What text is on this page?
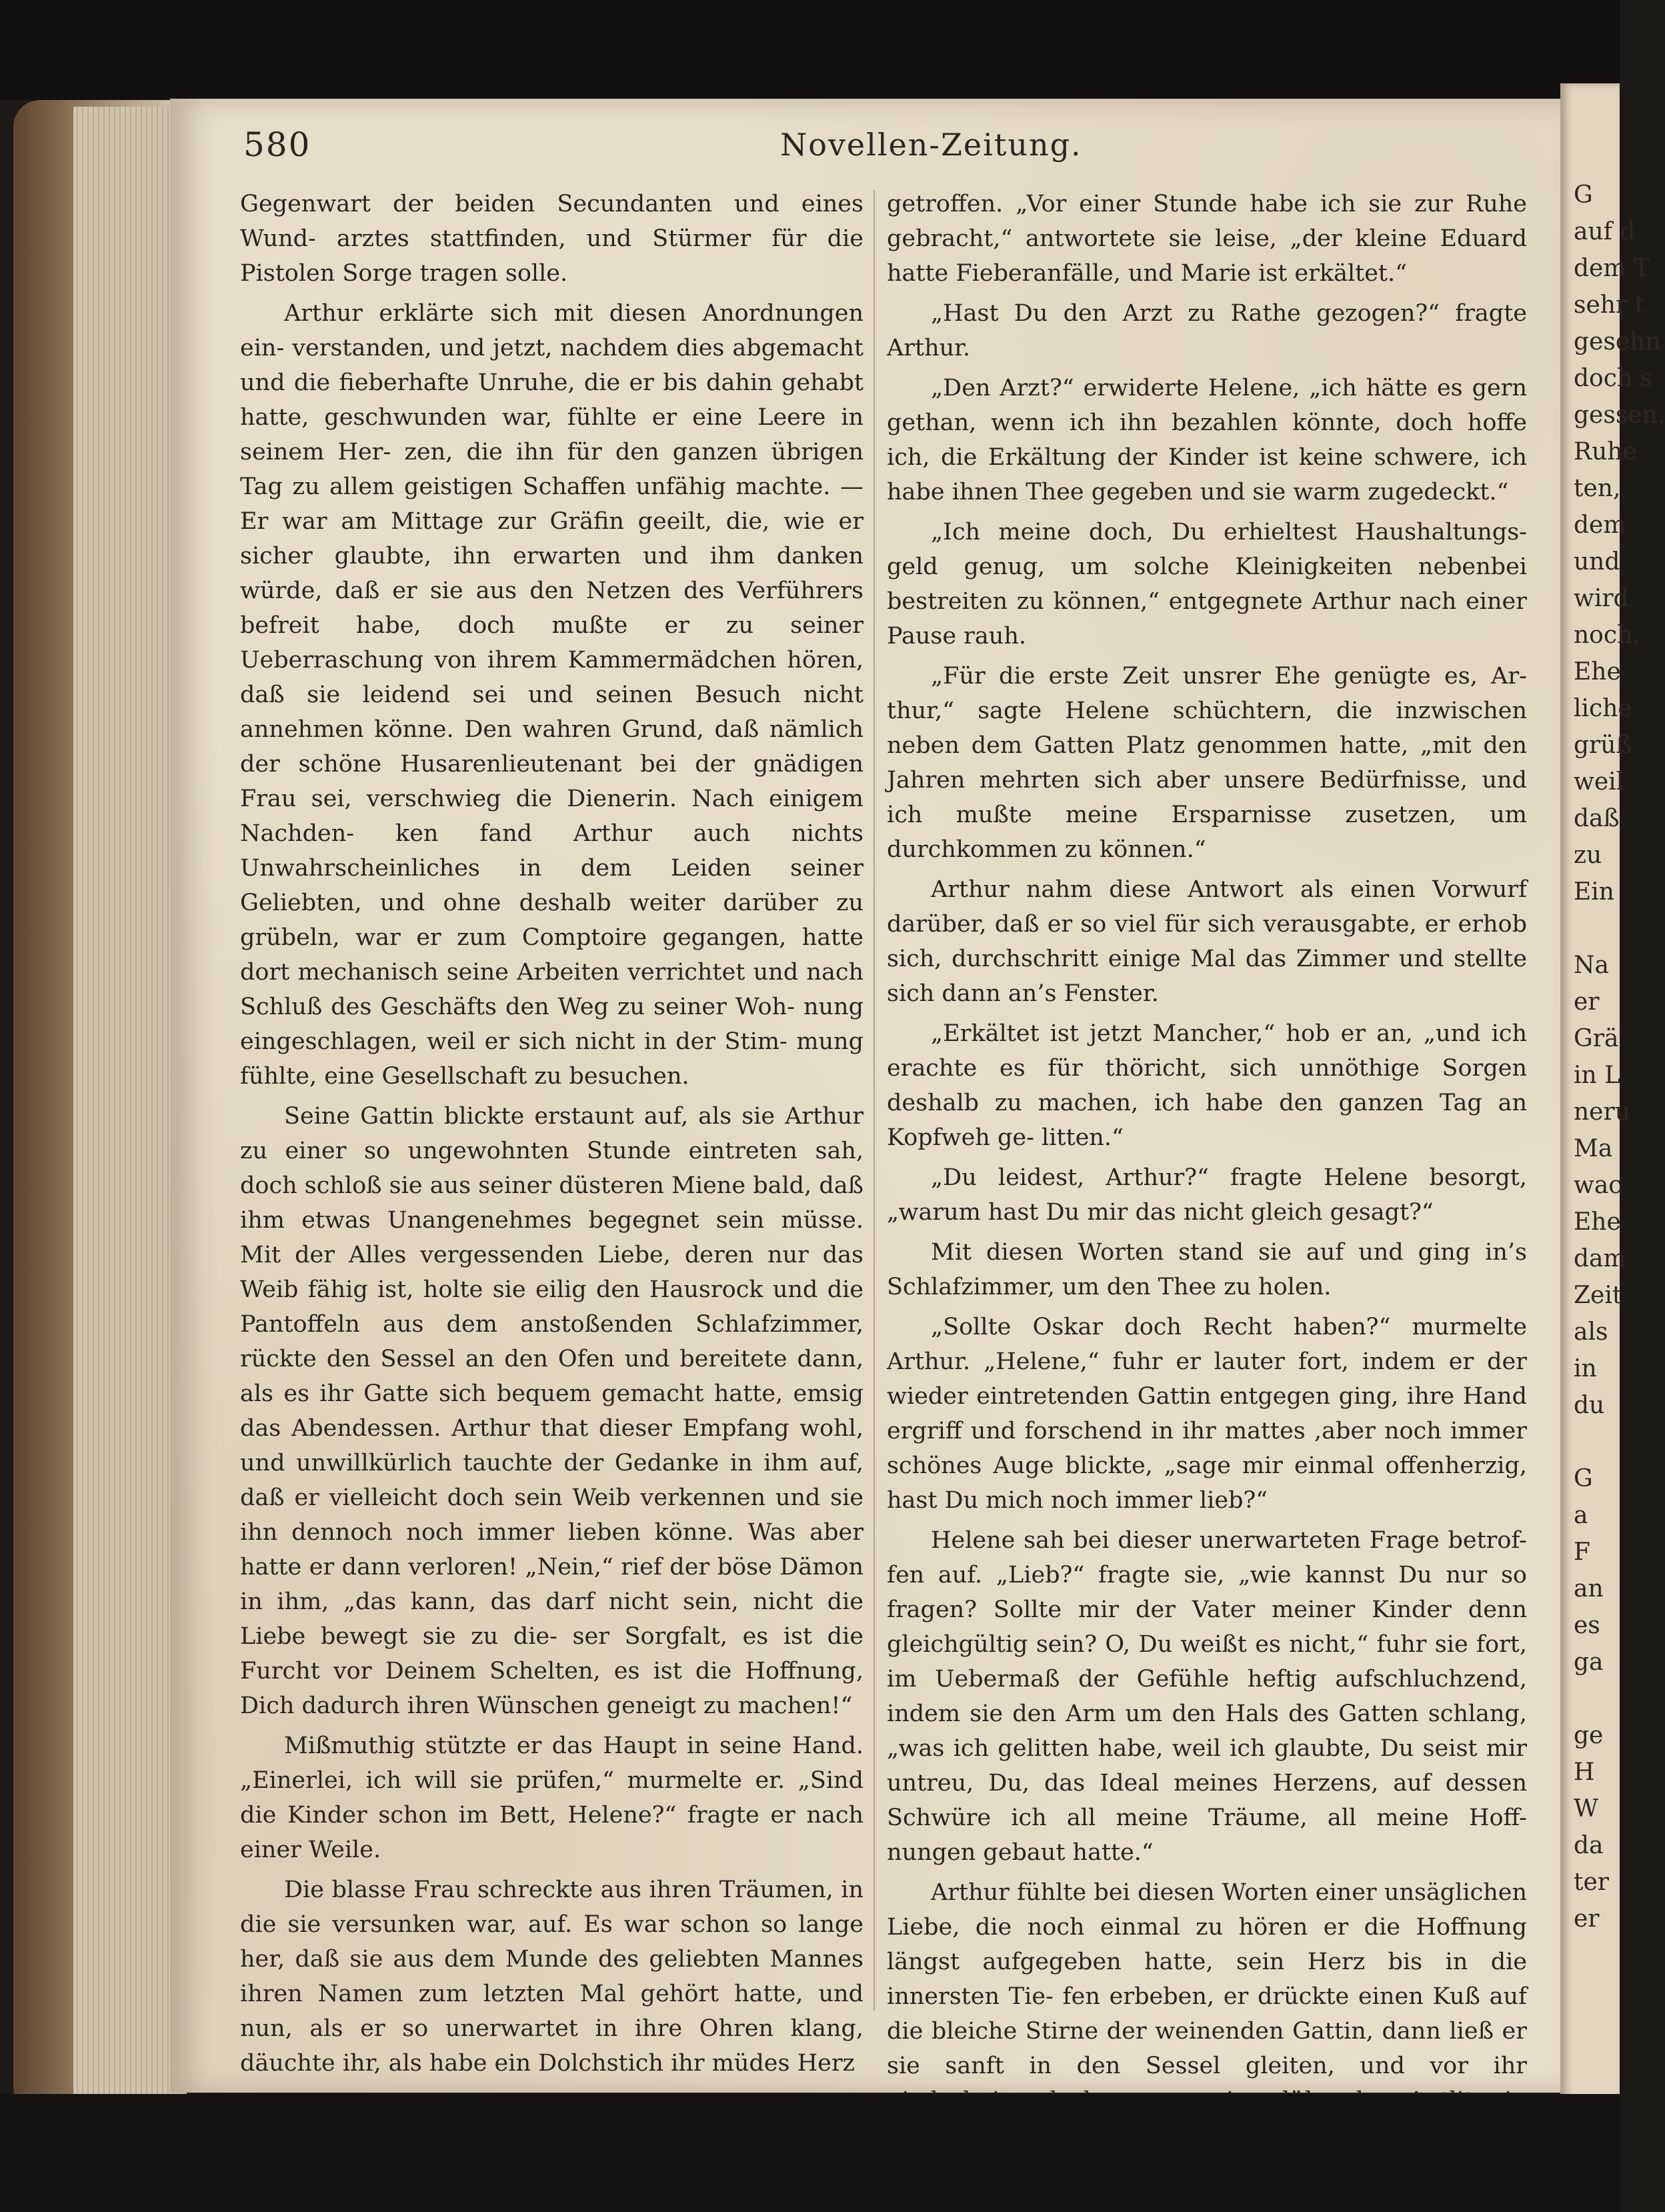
580	Novellen-Zeitung.

Gegenwart der beiden Secundanten und eines Wund- arztes stattfinden, und Stürmer für die Pistolen Sorge tragen solle.

Arthur erklärte sich mit diesen Anordnungen ein- verstanden, und jetzt, nachdem dies abgemacht und die fieberhafte Unruhe, die er bis dahin gehabt hatte, geschwunden war, fühlte er eine Leere in seinem Her- zen, die ihn für den ganzen übrigen Tag zu allem geistigen Schaffen unfähig machte. — Er war am Mittage zur Gräfin geeilt, die, wie er sicher glaubte, ihn erwarten und ihm danken würde, daß er sie aus den Netzen des Verführers befreit habe, doch mußte er zu seiner Ueberraschung von ihrem Kammermädchen hören, daß sie leidend sei und seinen Besuch nicht annehmen könne. Den wahren Grund, daß nämlich der schöne Husarenlieutenant bei der gnädigen Frau sei, verschwieg die Dienerin. Nach einigem Nachden- ken fand Arthur auch nichts Unwahrscheinliches in dem Leiden seiner Geliebten, und ohne deshalb weiter darüber zu grübeln, war er zum Comptoire gegangen, hatte dort mechanisch seine Arbeiten verrichtet und nach Schluß des Geschäfts den Weg zu seiner Woh- nung eingeschlagen, weil er sich nicht in der Stim- mung fühlte, eine Gesellschaft zu besuchen.

Seine Gattin blickte erstaunt auf, als sie Arthur zu einer so ungewohnten Stunde eintreten sah, doch schloß sie aus seiner düsteren Miene bald, daß ihm etwas Unangenehmes begegnet sein müsse. Mit der Alles vergessenden Liebe, deren nur das Weib fähig ist, holte sie eilig den Hausrock und die Pantoffeln aus dem anstoßenden Schlafzimmer, rückte den Sessel an den Ofen und bereitete dann, als es ihr Gatte sich bequem gemacht hatte, emsig das Abendessen. Arthur that dieser Empfang wohl, und unwillkürlich tauchte der Gedanke in ihm auf, daß er vielleicht doch sein Weib verkennen und sie ihn dennoch noch immer lieben könne. Was aber hatte er dann verloren! „Nein,“ rief der böse Dämon in ihm, „das kann, das darf nicht sein, nicht die Liebe bewegt sie zu die- ser Sorgfalt, es ist die Furcht vor Deinem Schelten, es ist die Hoffnung, Dich dadurch ihren Wünschen geneigt zu machen!“

Mißmuthig stützte er das Haupt in seine Hand. „Einerlei, ich will sie prüfen,“ murmelte er. „Sind die Kinder schon im Bett, Helene?“ fragte er nach einer Weile.

Die blasse Frau schreckte aus ihren Träumen, in die sie versunken war, auf. Es war schon so lange her, daß sie aus dem Munde des geliebten Mannes ihren Namen zum letzten Mal gehört hatte, und nun, als er so unerwartet in ihre Ohren klang, däuchte ihr, als habe ein Dolchstich ihr müdes Herz

getroffen. „Vor einer Stunde habe ich sie zur Ruhe gebracht,“ antwortete sie leise, „der kleine Eduard hatte Fieberanfälle, und Marie ist erkältet.“

„Hast Du den Arzt zu Rathe gezogen?“ fragte Arthur.

„Den Arzt?“ erwiderte Helene, „ich hätte es gern gethan, wenn ich ihn bezahlen könnte, doch hoffe ich, die Erkältung der Kinder ist keine schwere, ich habe ihnen Thee gegeben und sie warm zugedeckt.“

„Ich meine doch, Du erhieltest Haushaltungs- geld genug, um solche Kleinigkeiten nebenbei bestreiten zu können,“ entgegnete Arthur nach einer Pause rauh.

„Für die erste Zeit unsrer Ehe genügte es, Ar- thur,“ sagte Helene schüchtern, die inzwischen neben dem Gatten Platz genommen hatte, „mit den Jahren mehrten sich aber unsere Bedürfnisse, und ich mußte meine Ersparnisse zusetzen, um durchkommen zu können.“

Arthur nahm diese Antwort als einen Vorwurf darüber, daß er so viel für sich verausgabte, er erhob sich, durchschritt einige Mal das Zimmer und stellte sich dann an’s Fenster.

„Erkältet ist jetzt Mancher,“ hob er an, „und ich erachte es für thöricht, sich unnöthige Sorgen deshalb zu machen, ich habe den ganzen Tag an Kopfweh ge- litten.“

„Du leidest, Arthur?“ fragte Helene besorgt, „warum hast Du mir das nicht gleich gesagt?“

Mit diesen Worten stand sie auf und ging in’s Schlafzimmer, um den Thee zu holen.

„Sollte Oskar doch Recht haben?“ murmelte Arthur. „Helene,“ fuhr er lauter fort, indem er der wieder eintretenden Gattin entgegen ging, ihre Hand ergriff und forschend in ihr mattes ,aber noch immer schönes Auge blickte, „sage mir einmal offenherzig, hast Du mich noch immer lieb?“

Helene sah bei dieser unerwarteten Frage betrof- fen auf. „Lieb?“ fragte sie, „wie kannst Du nur so fragen? Sollte mir der Vater meiner Kinder denn gleichgültig sein? O, Du weißt es nicht,“ fuhr sie fort, im Uebermaß der Gefühle heftig aufschluchzend, indem sie den Arm um den Hals des Gatten schlang, „was ich gelitten habe, weil ich glaubte, Du seist mir untreu, Du, das Ideal meines Herzens, auf dessen Schwüre ich all meine Träume, all meine Hoff- nungen gebaut hatte.“

Arthur fühlte bei diesen Worten einer unsäglichen Liebe, die noch einmal zu hören er die Hoffnung längst aufgegeben hatte, sein Herz bis in die innersten Tie- fen erbeben, er drückte einen Kuß auf die bleiche Stirne der weinenden Gattin, dann ließ er sie sanft in den Sessel gleiten, und vor ihr

G
auf d
dem T
sehr t
gesehn
doch s
gessen.
Ruhe
ten,
dem
und
wird
noch,
Ehe
liche
grüß
weil
daß
zu
Ein

Na
er
Grä
in L
neru
Ma
wac
Ehe
dam
Zeit
als
in
du

G
a
F
an
es
ga

ge
H
W
da
ter
er
